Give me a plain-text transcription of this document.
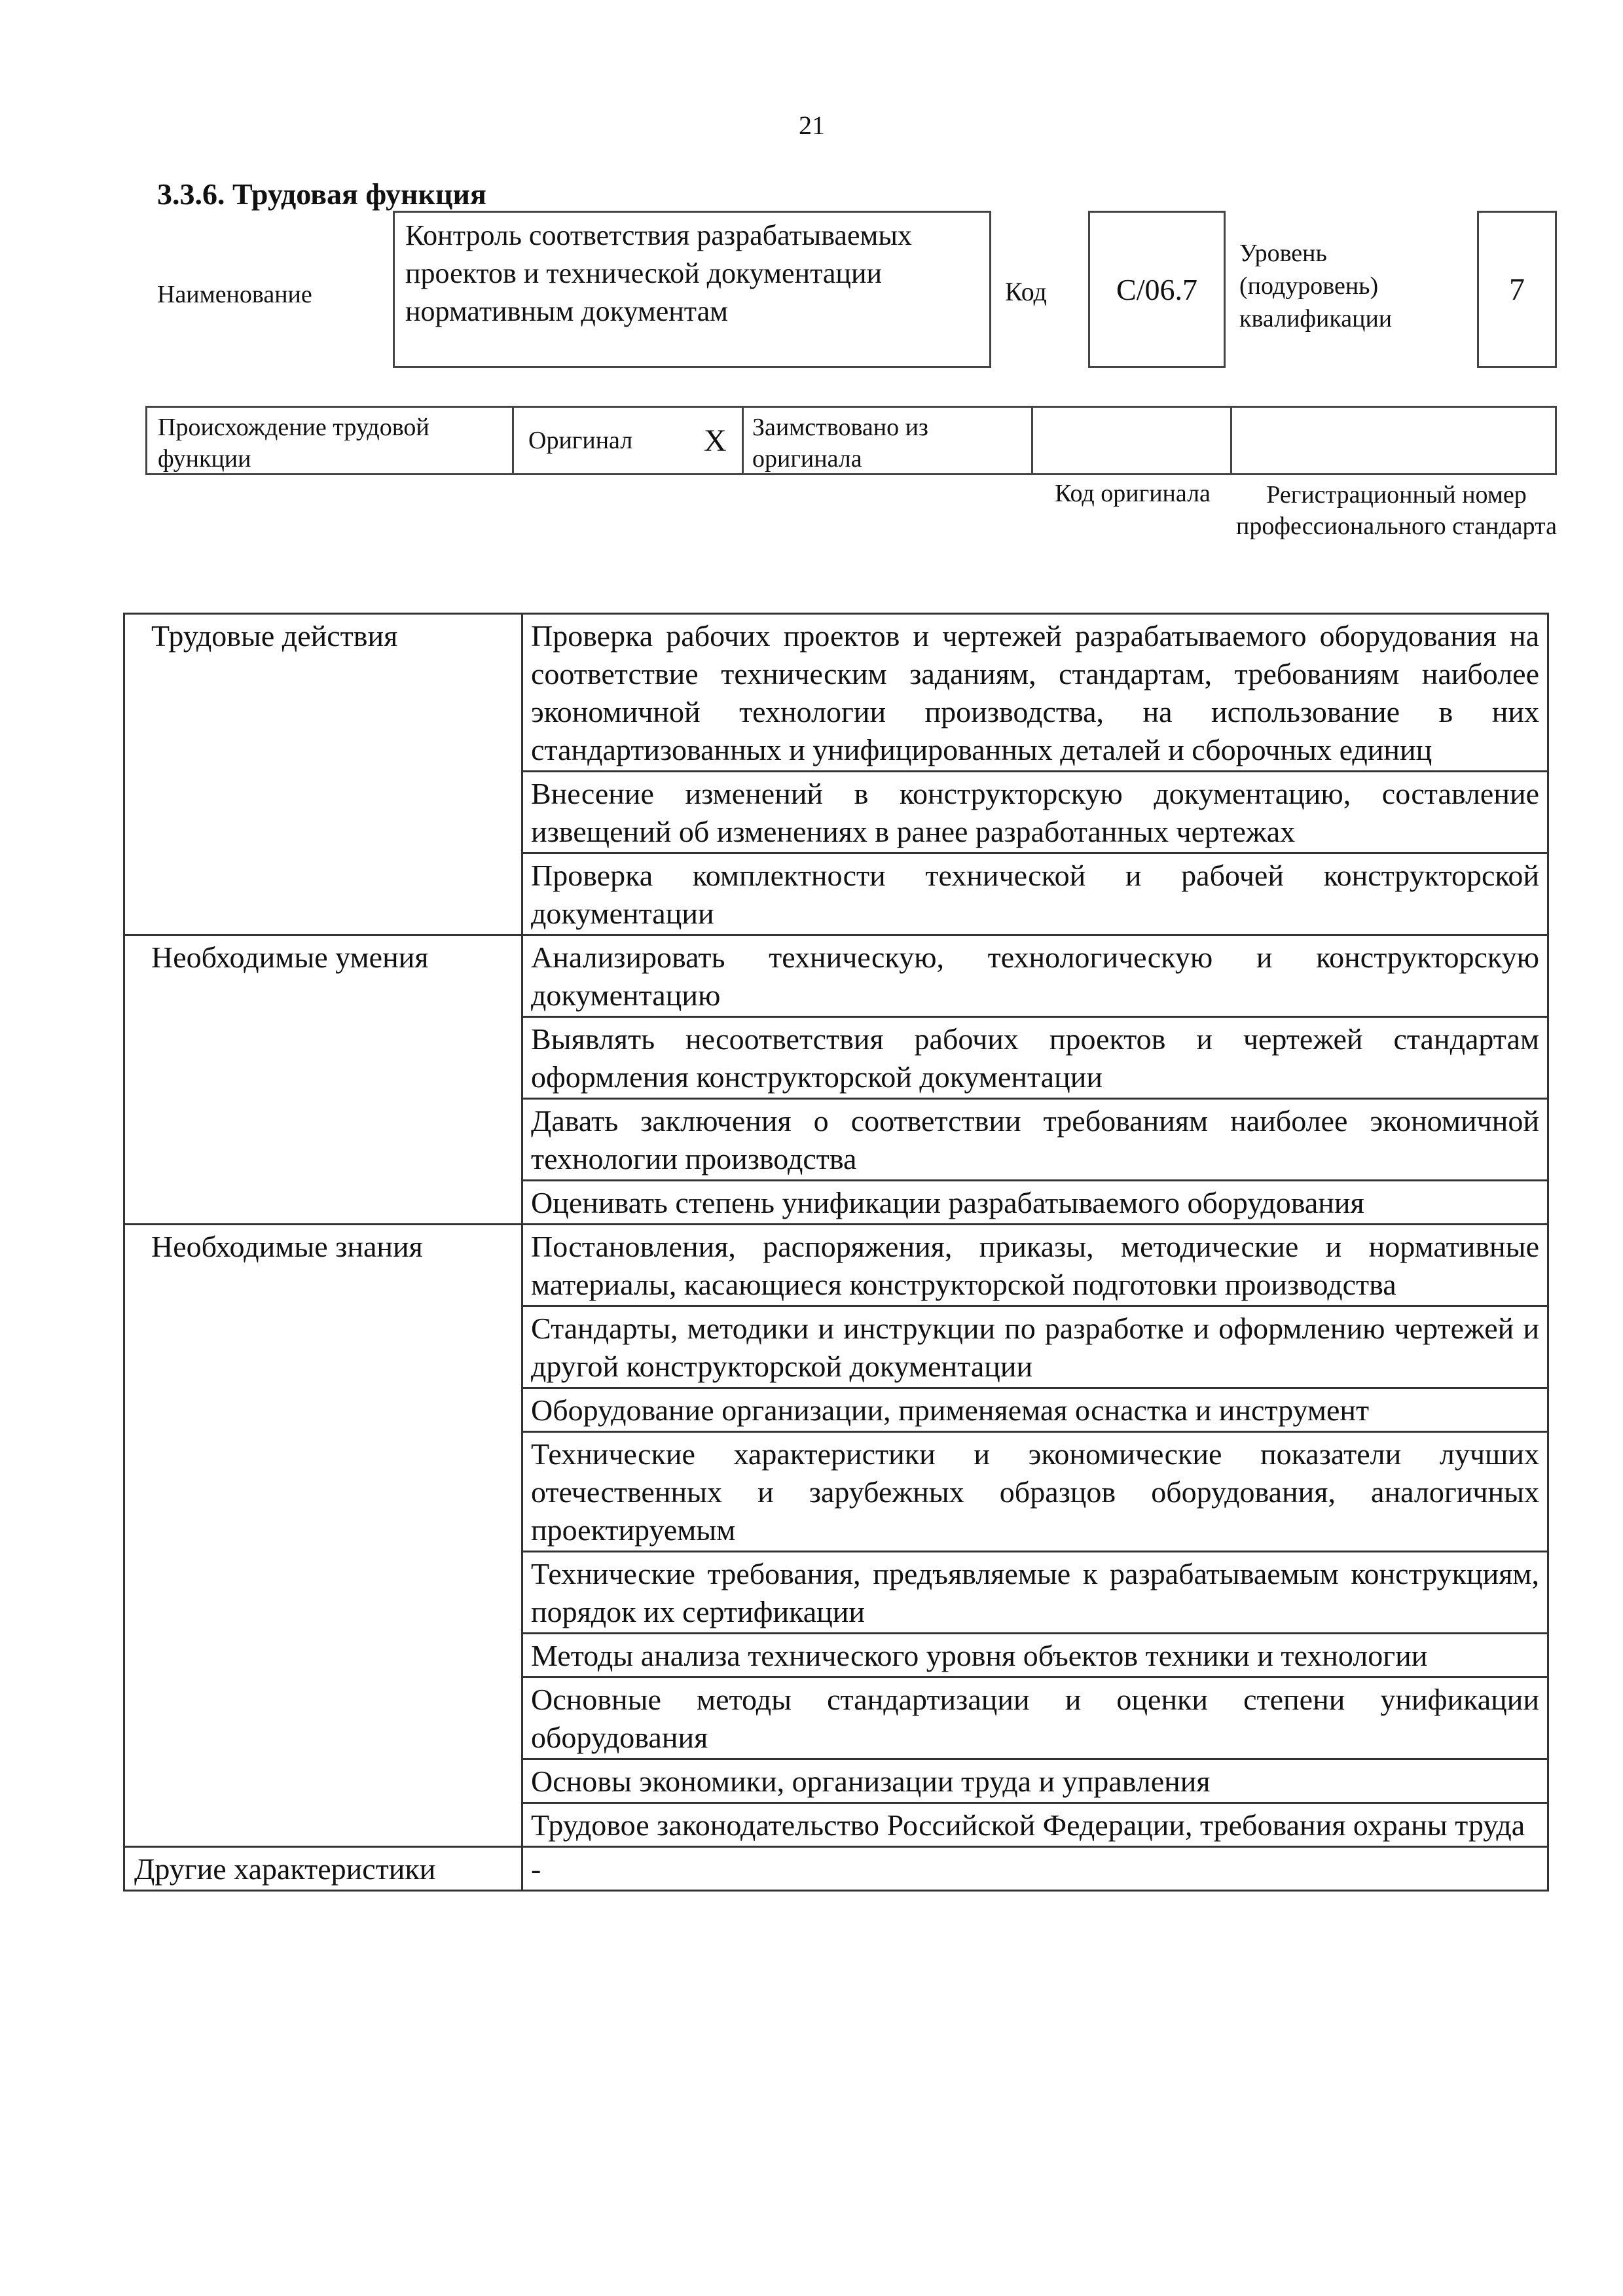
21
3.3.6. Трудовая функция
Наименование
Контроль соответствия разрабатываемых проектов и технической документации нормативным документам
Код	C/06.7
Уровень (подуровень) квалификации
7
Происхождение трудовой функции
Оригинал X Заимствовано из оригинала
Код оригинала	Регистрационный номер профессионального стандарта
Трудовые действия	Проверка рабочих проектов и чертежей разрабатываемого оборудования на соответствие техническим заданиям, стандартам, требованиям наиболее экономичной технологии производства, на использование в них стандартизованных и унифицированных деталей и сборочных единиц
	Внесение изменений в конструкторскую документацию, составление извещений об изменениях в ранее разработанных чертежах
	Проверка комплектности технической и рабочей конструкторской документации
Необходимые умения	Анализировать техническую, технологическую и конструкторскую документацию
	Выявлять несоответствия рабочих проектов и чертежей стандартам оформления конструкторской документации
	Давать заключения о соответствии требованиям наиболее экономичной технологии производства
	Оценивать степень унификации разрабатываемого оборудования
Необходимые знания	Постановления, распоряжения, приказы, методические и нормативные материалы, касающиеся конструкторской подготовки производства
	Стандарты, методики и инструкции по разработке и оформлению чертежей и другой конструкторской документации
	Оборудование организации, применяемая оснастка и инструмент
	Технические характеристики и экономические показатели лучших отечественных и зарубежных образцов оборудования, аналогичных проектируемым
	Технические требования, предъявляемые к разрабатываемым конструкциям, порядок их сертификации
	Методы анализа технического уровня объектов техники и технологии
	Основные методы стандартизации и оценки степени унификации оборудования
	Основы экономики, организации труда и управления
	Трудовое законодательство Российской Федерации, требования охраны труда
Другие характеристики	-
